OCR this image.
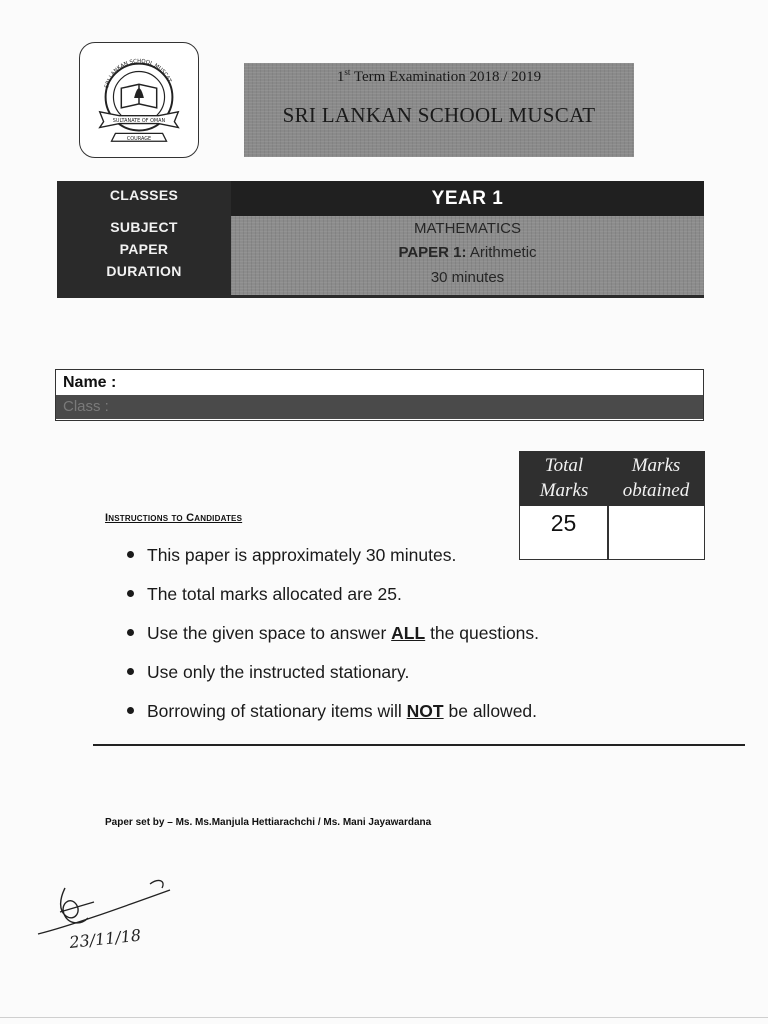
SRI LANKAN SCHOOL MUSCAT
SULTANATE OF OMAN
COURAGE
1st Term Examination 2018 / 2019
SRI LANKAN SCHOOL MUSCAT
CLASSES
SUBJECT
PAPER
DURATION
YEAR 1
MATHEMATICS
PAPER 1: Arithmetic
30 minutes
Name :
Class :
Total
Marks
Marks
obtained
25
Instructions to Candidates
This paper is approximately 30 minutes.
The total marks allocated are 25.
Use the given space to answer ALL the questions.
Use only the instructed stationary.
Borrowing of stationary items will NOT be allowed.
Paper set by – Ms. Ms.Manjula Hettiarachchi / Ms. Mani Jayawardana
23/11/18
